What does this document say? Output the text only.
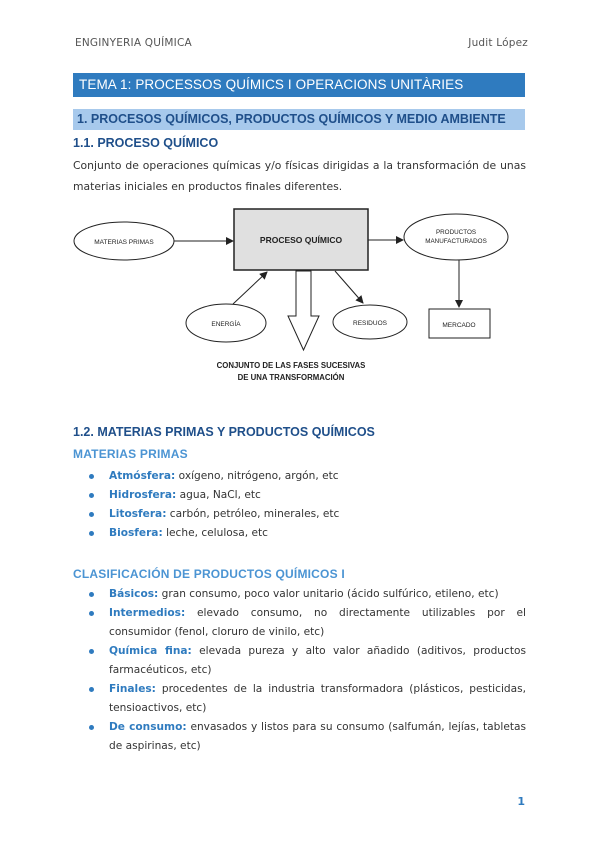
ENGINYERIA QUÍMICA	Judit López
TEMA 1: PROCESSOS QUÍMICS I OPERACIONS UNITÀRIES
1. PROCESOS QUÍMICOS, PRODUCTOS QUÍMICOS Y MEDIO AMBIENTE
1.1. PROCESO QUÍMICO
Conjunto de operaciones químicas y/o físicas dirigidas a la transformación de unas materias iniciales en productos finales diferentes.
MATERIAS PRIMAS	PROCESO QUÍMICO
PRODUCTOS
MANUFACTURADOS
MERCADO
ENERGÍA	RESIDUOS
CONJUNTO DE LAS FASES SUCESIVAS
DE UNA TRANSFORMACIÓN
1.2. MATERIAS PRIMAS Y PRODUCTOS QUÍMICOS
MATERIAS PRIMAS
Atmósfera: oxígeno, nitrógeno, argón, etc
Hidrosfera: agua, NaCl, etc
Litosfera: carbón, petróleo, minerales, etc
Biosfera: leche, celulosa, etc
CLASIFICACIÓN DE PRODUCTOS QUÍMICOS I
Básicos: gran consumo, poco valor unitario (ácido sulfúrico, etileno, etc)
Intermedios: elevado consumo, no directamente utilizables por el consumidor (fenol, cloruro de vinilo, etc)
Química fina: elevada pureza y alto valor añadido (aditivos, productos farmacéuticos, etc)
Finales: procedentes de la industria transformadora (plásticos, pesticidas, tensioactivos, etc)
De consumo: envasados y listos para su consumo (salfumán, lejías, tabletas de aspirinas, etc)
1
